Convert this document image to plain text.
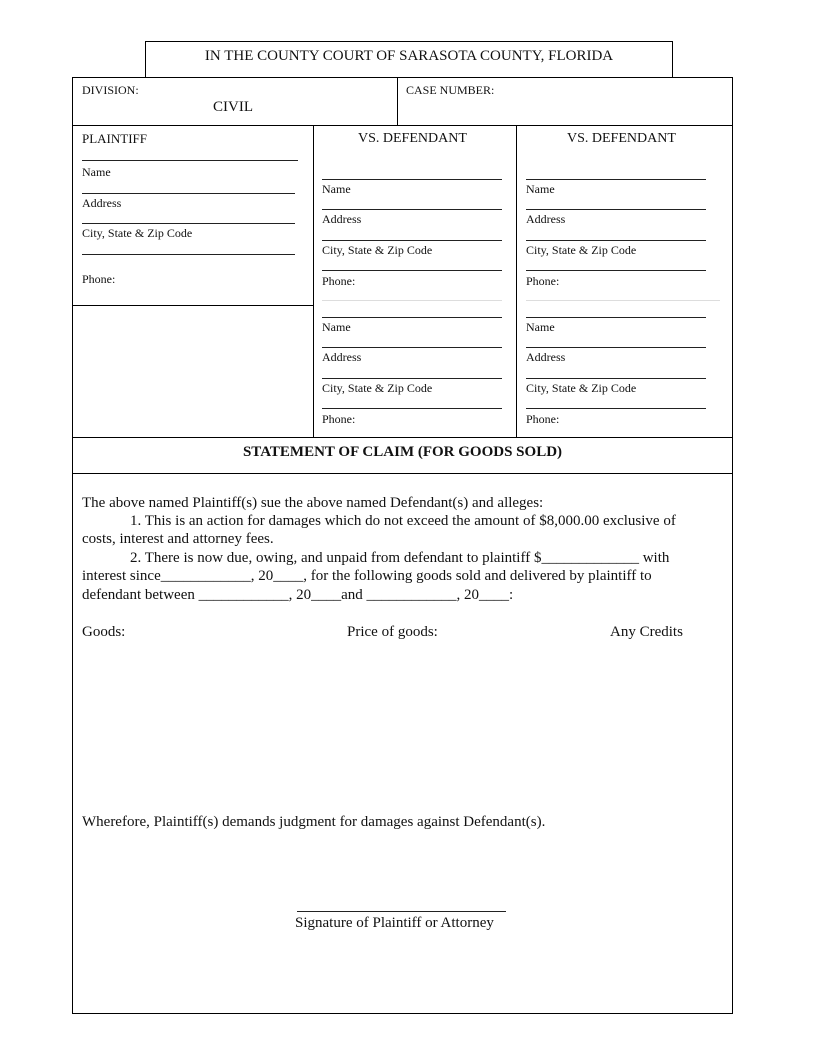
IN THE COUNTY COURT OF SARASOTA COUNTY, FLORIDA
DIVISION:
CIVIL
CASE NUMBER:
PLAINTIFF
Name
Address
City, State & Zip Code
Phone:
VS. DEFENDANT
Name
Address
City, State & Zip Code
Phone:
Name
Address
City, State & Zip Code
Phone:
VS. DEFENDANT
Name
Address
City, State & Zip Code
Phone:
Name
Address
City, State & Zip Code
Phone:
STATEMENT OF CLAIM (FOR GOODS SOLD)
The above named Plaintiff(s) sue the above named Defendant(s) and alleges:
1. This is an action for damages which do not exceed the amount of $8,000.00 exclusive of
costs, interest and attorney fees.
2. There is now due, owing, and unpaid from defendant to plaintiff $_____________ with
interest since____________, 20____, for the following goods sold and delivered by plaintiff to
defendant between ____________, 20____and ____________, 20____:
Goods:	Price of goods:	Any Credits
Wherefore, Plaintiff(s) demands judgment for damages against Defendant(s).
Signature of Plaintiff or Attorney
